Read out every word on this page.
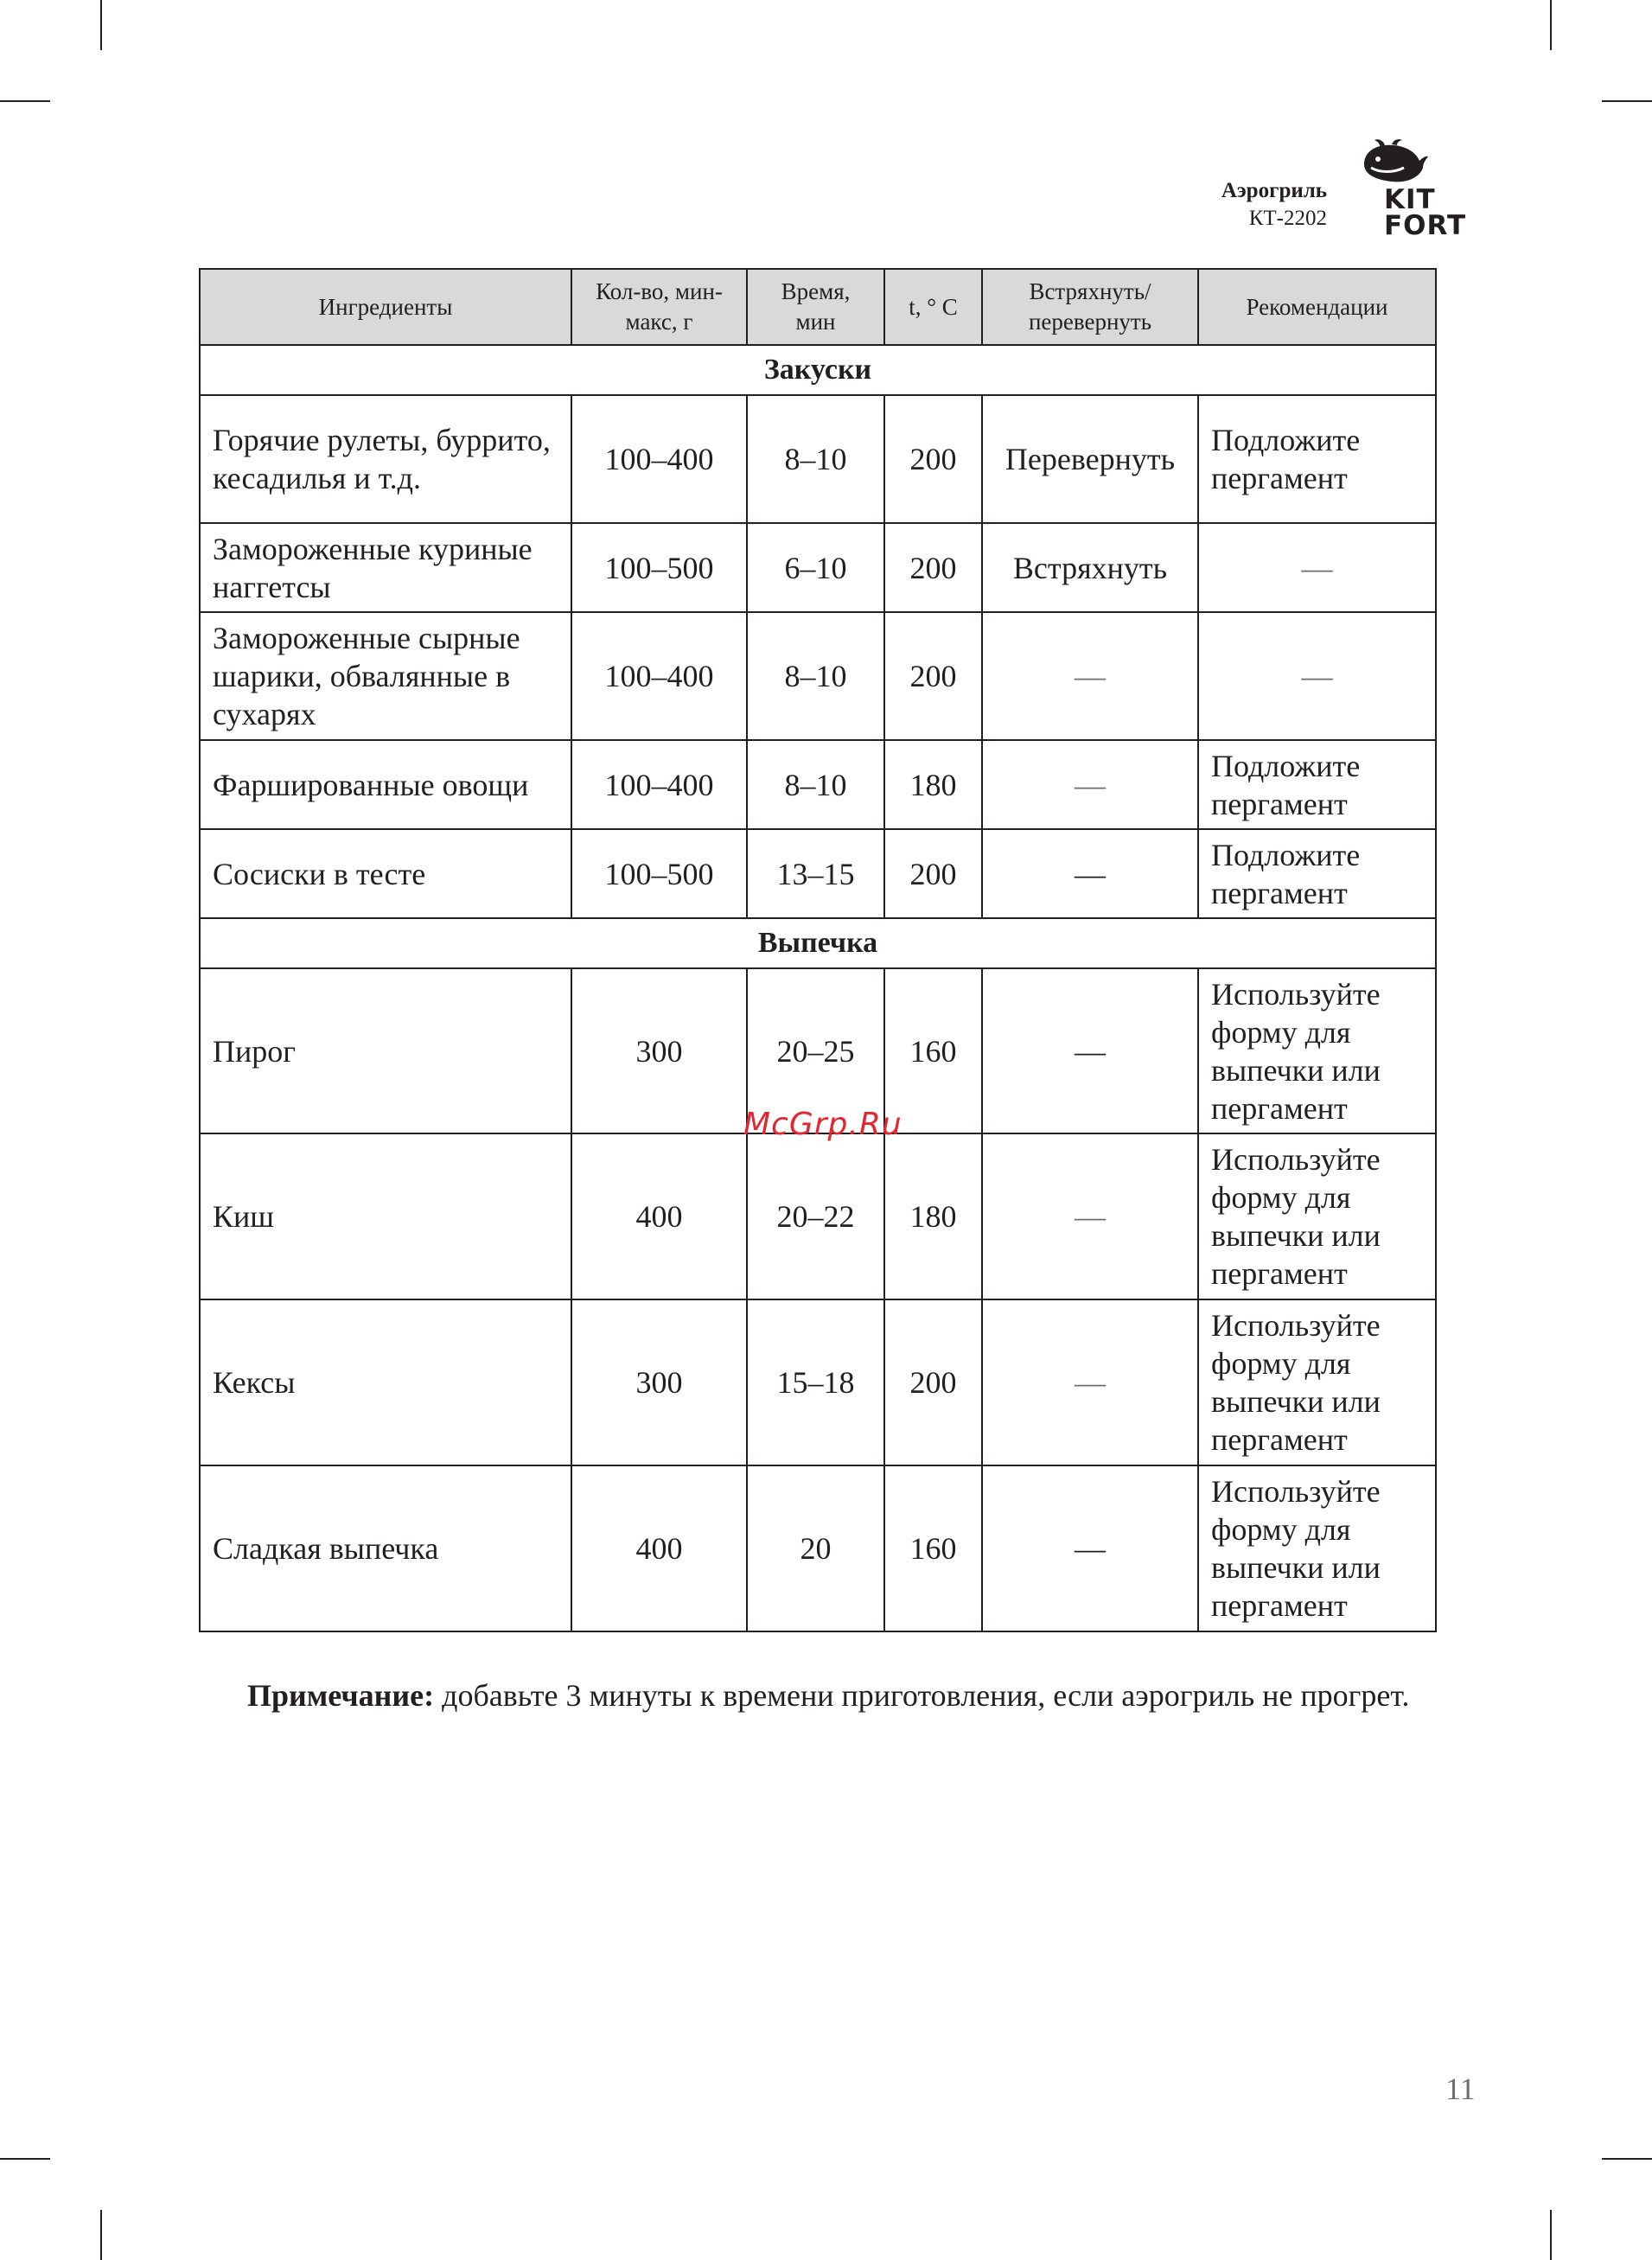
Аэрогриль
КТ-2202
KIT
FORT
Ингредиенты	Кол-во, мин-макс, г	Время, мин	t, ° C	Встряхнуть/ перевернуть	Рекомендации
Закуски					
Горячие рулеты, буррито, кесадилья и т.д.	100–400	8–10	200	Перевернуть	Подложите пергамент
Замороженные куриные наггетсы	100–500	6–10	200	Встряхнуть	—
Замороженные сырные шарики, обвалянные в сухарях	100–400	8–10	200	—	—
Фаршированные овощи	100–400	8–10	180	—	Подложите пергамент
Сосиски в тесте	100–500	13–15	200	—	Подложите пергамент
Выпечка					
Пирог	300	20–25	160	—	Используйте форму для выпечки или пергамент
Киш	400	20–22	180	—	Используйте форму для выпечки или пергамент
Кексы	300	15–18	200	—	Используйте форму для выпечки или пергамент
Сладкая выпечка	400	20	160	—	Используйте форму для выпечки или пергамент
McGrp.Ru
Примечание: добавьте 3 минуты к времени приготовления, если аэрогриль не прогрет.
11
